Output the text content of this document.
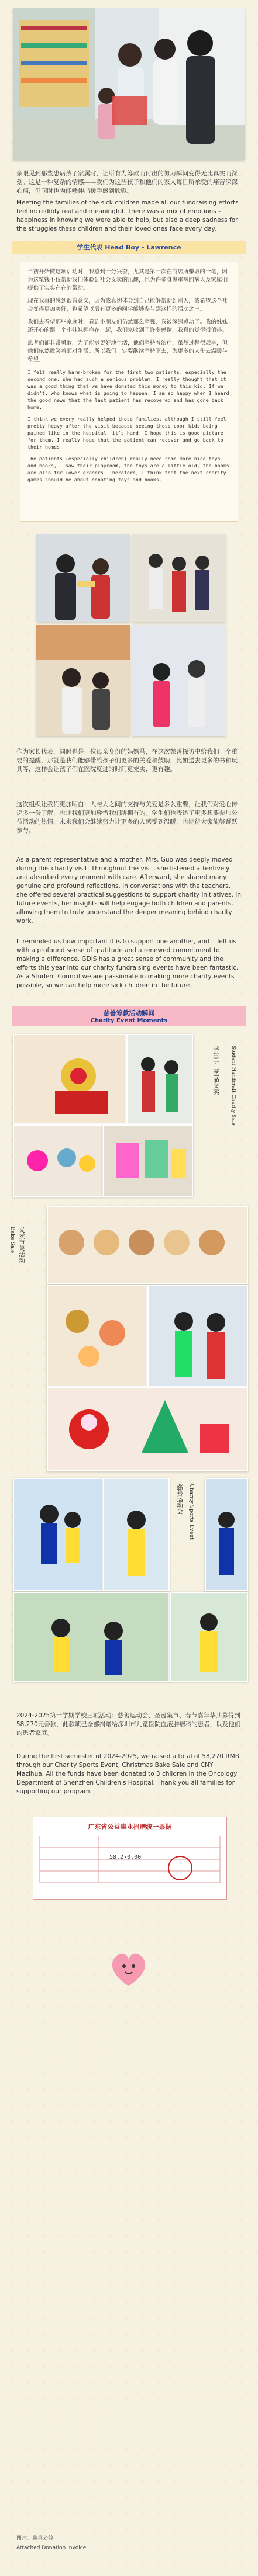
亲眼见到那些患病孩子家属时，让所有为筹款而付出的努力瞬间变得无比真实而深刻。这是一种复杂的情感——我们为这些孩子和他们的家人每日所承受的痛苦深深心痛，但同时也为能够伸出援手感到欣慰。
Meeting the families of the sick children made all our fundraising efforts feel incredibly real and meaningful. There was a mix of emotions – happiness in knowing we were able to help, but also a deep sadness for the struggles these children and their loved ones face every day.
学生代表 Head Boy - Lawrence

当初开始做这项活动时，我感到十分兴奋，尤其是第一次在商店所赚取的一笔，因为这笔钱不仅帮助我们体验到社会义卖的乐趣，也为许多身患重病的病人及家属们提供了实实在在的帮助。

现在我真的感到很有意义，因为我真切体会到自己能够帮助到别人，我希望这个社会变得更加美好，也希望以后有更多的同学能够参与到这样的活动之中。

我们去看望那些家庭时，看到小朋友们仍然那么坚强，我被深深感动了。我的妹妹还开心的跟一个小妹妹拥抱在一起，我们家收到了许多感谢，我真的觉得很值得。

患者们都非常勇敢，为了能够更好地生活，他们坚持着治疗，虽然过程很艰辛，但他们依然微笑着面对生活。所以我们一定要继续坚持下去，为更多的人带去温暖与希望。

I felt really harm-broken for the first two patients, especially the second one, she had such a serious problem. I really thought that it was a good thing that we have donated this money to this kid. If we didn't, who knows what is going to happen. I am so happy when I heard the good news that the last patient has recovered and has gone back home.

I think we every really helped those families, although I still feel pretty heavy after the visit because seeing those poor kids being pained like in the hospital, it's hard. I hope this is good picture for them. I really hope that the patient can recover and go back to their homes.

The patients (especially children) really need some more nice toys and books, I saw their playroom, the toys are a little old, the books are also for lower graders. Therefore, I think that the next charity games should be about donating toys and books.

作为家长代表，同时也是一位母亲身份的妈妈马，在这次慈善探访中给我们一个重要的提醒，那就是我们能够带给孩子们更多的关爱和鼓励，比如送去更多的书和玩具等，这样会让孩子们在医院度过的时间更充实、更有趣。
这次组织让我们更加明白：人与人之间的支持与关爱是多么重要，让我们对爱心传递多一份了解，也让我们更加珍惜我们所拥有的。学生们也表达了更多想要参加公益活动的热情，未来我们会继续努力让更多的人感受到温暖，也期待大家能够踊跃参与。
As a parent representative and a mother, Mrs. Guo was deeply moved during this charity visit. Throughout the visit, she listened attentively and absorbed every moment with care. Afterward, she shared many genuine and profound reflections. In conversations with the teachers, she offered several practical suggestions to support charity initiatives. In future events, her insights will help engage both children and parents, allowing them to truly understand the deeper meaning behind charity work.
It reminded us how important it is to support one another, and it left us with a profound sense of gratitude and a renewed commitment to making a difference. GDIS has a great sense of community and the efforts this year into our charity fundraising events have been fantastic. As a Student Council we are passionate in making more charity events possible, so we can help more sick children in the future.
慈善筹款活动瞬间
Charity Event Moments
学生手工艺品义卖 Student Handcraft Charity Sale
义卖市集活动
Bake Sale
慈善运动会 Charity Sports Event
2024-2025第一学期学校三项活动：慈善运动会、圣诞集市、春节嘉年华共募得到58,270元善款，此款项已全部捐赠给深圳市儿童医院血液肿瘤科的患者，以及他们的患者家庭。
During the first semester of 2024-2025, we raised a total of 58,270 RMB through our Charity Sports Event, Christmas Bake Sale and CNY Mazlhua. All the funds have been donated to 3 children in the Oncology Department of Shenzhen Children's Hospital. Thank you all families for supporting our program.
广东省公益事业捐赠统一票据
58,270.00
图片：慈善公益
Attached Donation Invoice
